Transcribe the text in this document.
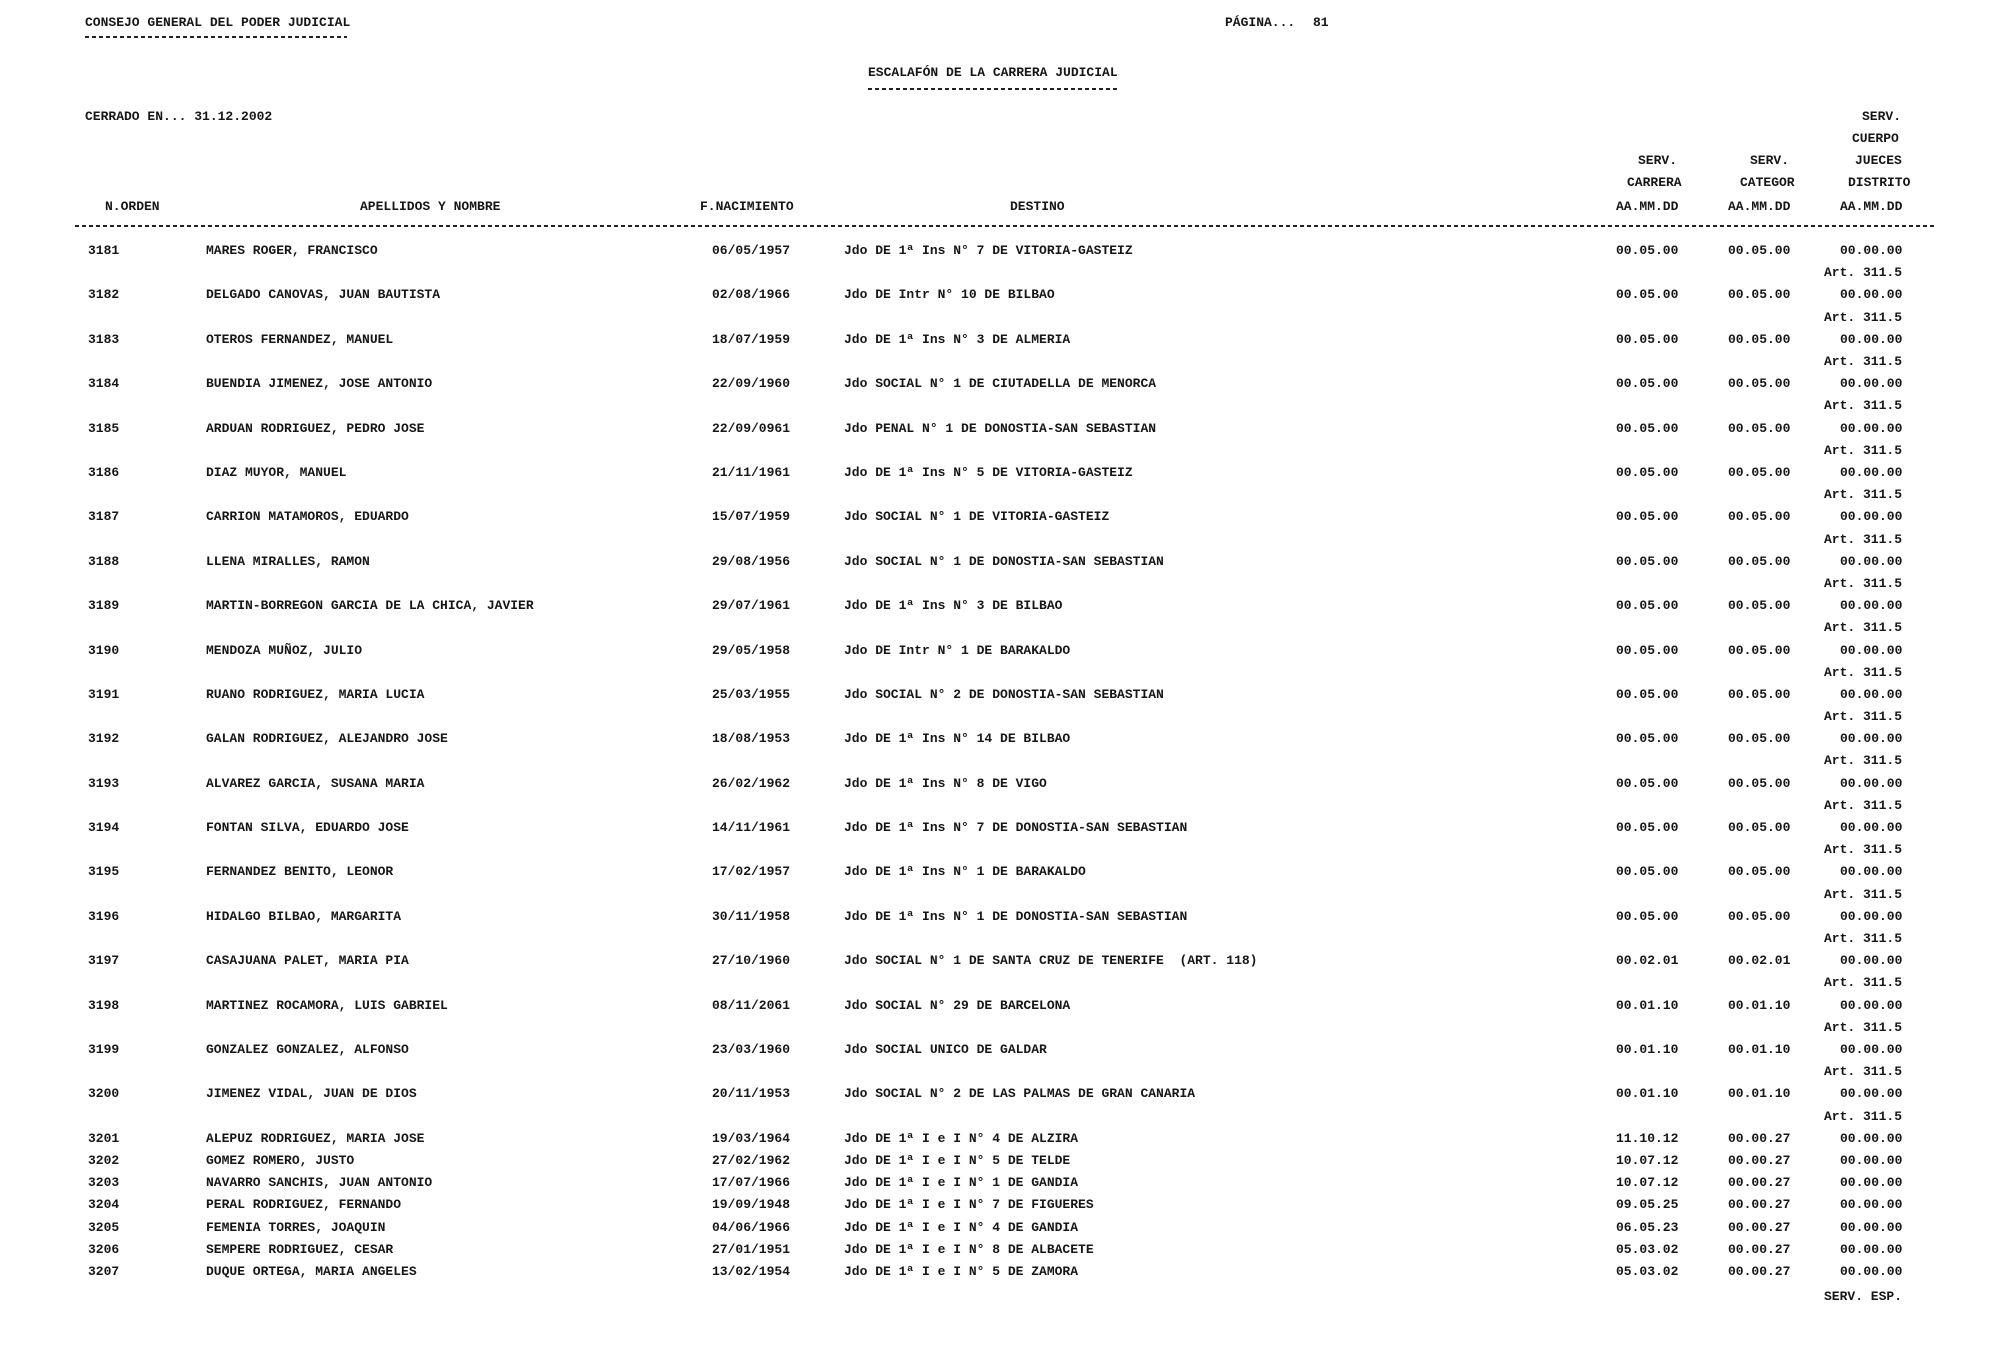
CONSEJO GENERAL DEL PODER JUDICIAL	PÁGINA... 81
ESCALAFÓN DE LA CARRERA JUDICIAL
CERRADO EN... 31.12.2002	SERV.
CUERPO
SERV.	SERV.	JUECES
CARRERA	CATEGOR	DISTRITO
AA.MM.DD	AA.MM.DD	AA.MM.DD
N.ORDEN	APELLIDOS Y NOMBRE	F.NACIMIENTO	DESTINO
3181	MARES ROGER, FRANCISCO	06/05/1957	Jdo DE 1ª Ins N° 7 DE VITORIA-GASTEIZ	00.05.00	00.05.00	00.00.00
Art. 311.5
3182	DELGADO CANOVAS, JUAN BAUTISTA	02/08/1966	Jdo DE Intr N° 10 DE BILBAO	00.05.00	00.05.00	00.00.00
Art. 311.5
3183	OTEROS FERNANDEZ, MANUEL	18/07/1959	Jdo DE 1ª Ins N° 3 DE ALMERIA	00.05.00	00.05.00	00.00.00
Art. 311.5
3184	BUENDIA JIMENEZ, JOSE ANTONIO	22/09/1960	Jdo SOCIAL N° 1 DE CIUTADELLA DE MENORCA	00.05.00	00.05.00	00.00.00
Art. 311.5
3185	ARDUAN RODRIGUEZ, PEDRO JOSE	22/09/0961	Jdo PENAL N° 1 DE DONOSTIA-SAN SEBASTIAN	00.05.00	00.05.00	00.00.00
Art. 311.5
3186	DIAZ MUYOR, MANUEL	21/11/1961	Jdo DE 1ª Ins N° 5 DE VITORIA-GASTEIZ	00.05.00	00.05.00	00.00.00
Art. 311.5
3187	CARRION MATAMOROS, EDUARDO	15/07/1959	Jdo SOCIAL N° 1 DE VITORIA-GASTEIZ	00.05.00	00.05.00	00.00.00
Art. 311.5
3188	LLENA MIRALLES, RAMON	29/08/1956	Jdo SOCIAL N° 1 DE DONOSTIA-SAN SEBASTIAN	00.05.00	00.05.00	00.00.00
Art. 311.5
3189	MARTIN-BORREGON GARCIA DE LA CHICA, JAVIER	29/07/1961	Jdo DE 1ª Ins N° 3 DE BILBAO	00.05.00	00.05.00	00.00.00
Art. 311.5
3190	MENDOZA MUÑOZ, JULIO	29/05/1958	Jdo DE Intr N° 1 DE BARAKALDO	00.05.00	00.05.00	00.00.00
Art. 311.5
3191	RUANO RODRIGUEZ, MARIA LUCIA	25/03/1955	Jdo SOCIAL N° 2 DE DONOSTIA-SAN SEBASTIAN	00.05.00	00.05.00	00.00.00
Art. 311.5
3192	GALAN RODRIGUEZ, ALEJANDRO JOSE	18/08/1953	Jdo DE 1ª Ins N° 14 DE BILBAO	00.05.00	00.05.00	00.00.00
Art. 311.5
3193	ALVAREZ GARCIA, SUSANA MARIA	26/02/1962	Jdo DE 1ª Ins N° 8 DE VIGO	00.05.00	00.05.00	00.00.00
Art. 311.5
3194	FONTAN SILVA, EDUARDO JOSE	14/11/1961	Jdo DE 1ª Ins N° 7 DE DONOSTIA-SAN SEBASTIAN	00.05.00	00.05.00	00.00.00
Art. 311.5
3195	FERNANDEZ BENITO, LEONOR	17/02/1957	Jdo DE 1ª Ins N° 1 DE BARAKALDO	00.05.00	00.05.00	00.00.00
Art. 311.5
3196	HIDALGO BILBAO, MARGARITA	30/11/1958	Jdo DE 1ª Ins N° 1 DE DONOSTIA-SAN SEBASTIAN	00.05.00	00.05.00	00.00.00
Art. 311.5
3197	CASAJUANA PALET, MARIA PIA	27/10/1960	Jdo SOCIAL N° 1 DE SANTA CRUZ DE TENERIFE  (ART. 118)	00.02.01	00.02.01	00.00.00
Art. 311.5
3198	MARTINEZ ROCAMORA, LUIS GABRIEL	08/11/2061	Jdo SOCIAL N° 29 DE BARCELONA	00.01.10	00.01.10	00.00.00
Art. 311.5
3199	GONZALEZ GONZALEZ, ALFONSO	23/03/1960	Jdo SOCIAL UNICO DE GALDAR	00.01.10	00.01.10	00.00.00
Art. 311.5
3200	JIMENEZ VIDAL, JUAN DE DIOS	20/11/1953	Jdo SOCIAL N° 2 DE LAS PALMAS DE GRAN CANARIA	00.01.10	00.01.10	00.00.00
Art. 311.5
3201	ALEPUZ RODRIGUEZ, MARIA JOSE	19/03/1964	Jdo DE 1ª I e I N° 4 DE ALZIRA	11.10.12	00.00.27	00.00.00
3202	GOMEZ ROMERO, JUSTO	27/02/1962	Jdo DE 1ª I e I N° 5 DE TELDE	10.07.12	00.00.27	00.00.00
3203	NAVARRO SANCHIS, JUAN ANTONIO	17/07/1966	Jdo DE 1ª I e I N° 1 DE GANDIA	10.07.12	00.00.27	00.00.00
3204	PERAL RODRIGUEZ, FERNANDO	19/09/1948	Jdo DE 1ª I e I N° 7 DE FIGUERES	09.05.25	00.00.27	00.00.00
3205	FEMENIA TORRES, JOAQUIN	04/06/1966	Jdo DE 1ª I e I N° 4 DE GANDIA	06.05.23	00.00.27	00.00.00
3206	SEMPERE RODRIGUEZ, CESAR	27/01/1951	Jdo DE 1ª I e I N° 8 DE ALBACETE	05.03.02	00.00.27	00.00.00
3207	DUQUE ORTEGA, MARIA ANGELES	13/02/1954	Jdo DE 1ª I e I N° 5 DE ZAMORA	05.03.02	00.00.27	00.00.00
SERV. ESP.
